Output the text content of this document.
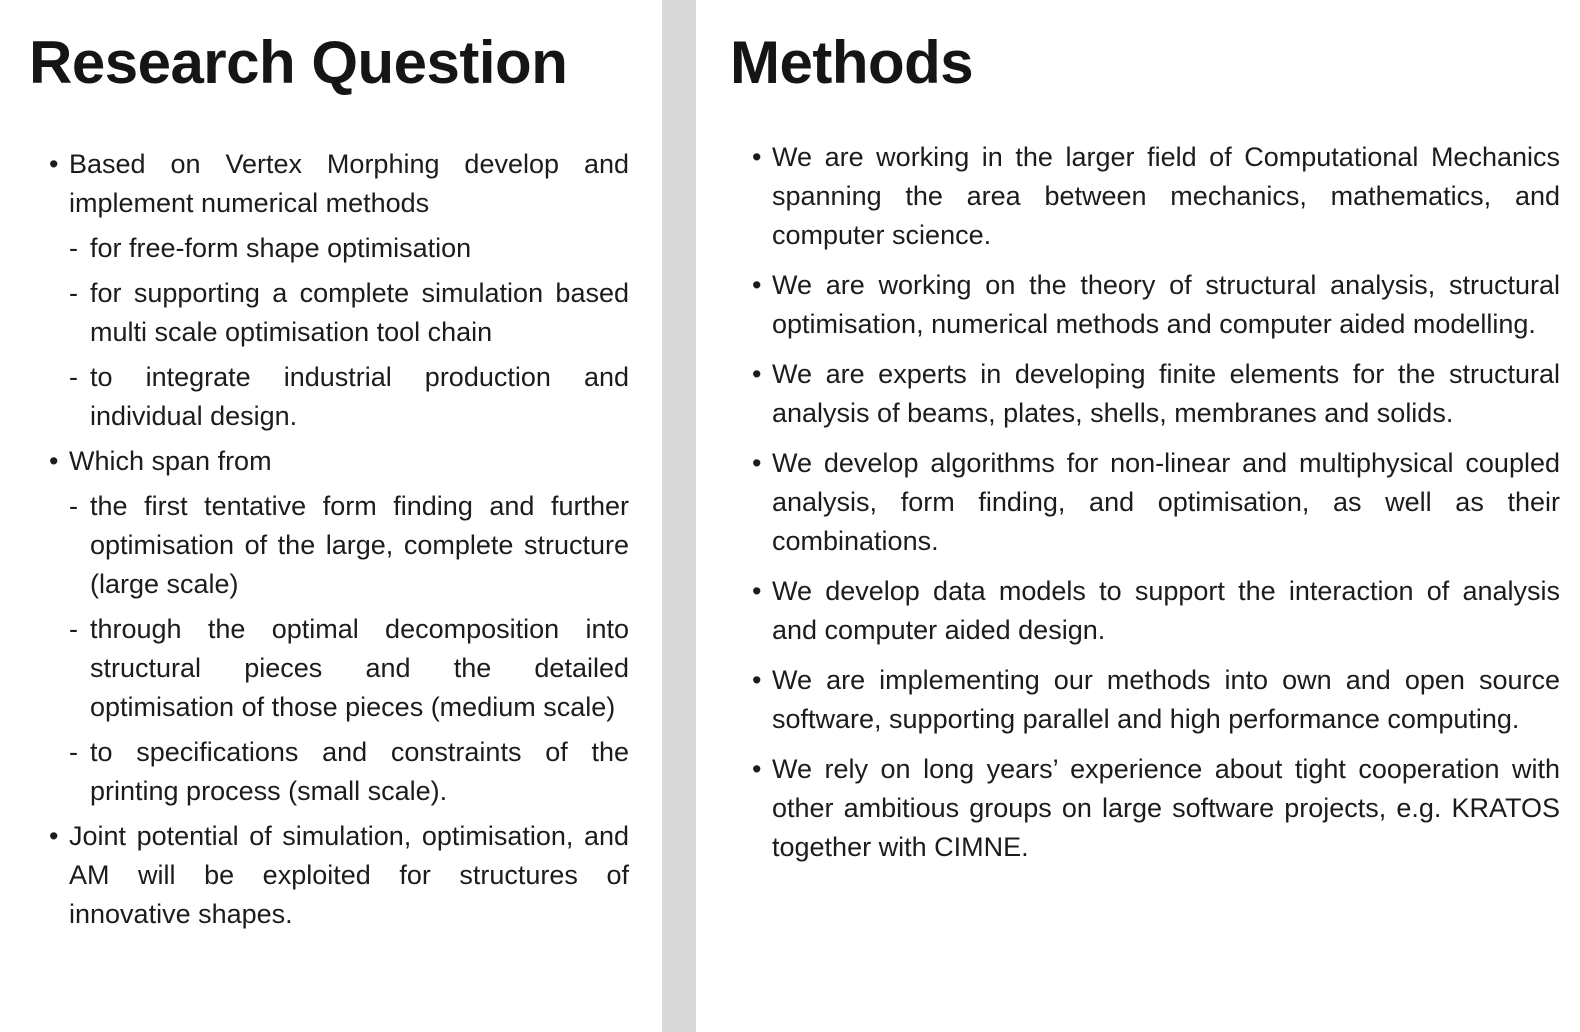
Research Question
• Based on Vertex Morphing develop and implement numerical methods
- for free-form shape optimisation
- for supporting a complete simulation based multi scale optimisation tool chain
- to integrate industrial production and individual design.
• Which span from
- the first tentative form finding and further optimisation of the large, complete structure (large scale)
- through the optimal decomposition into structural pieces and the detailed optimisation of those pieces (medium scale)
- to specifications and constraints of the printing process (small scale).
• Joint potential of simulation, optimisation, and AM will be exploited for structures of innovative shapes.
Methods
• We are working in the larger field of Computational Mechanics spanning the area between mechanics, mathematics, and computer science.
• We are working on the theory of structural analysis, structural optimisation, numerical methods and computer aided modelling.
• We are experts in developing finite elements for the structural analysis of beams, plates, shells, membranes and solids.
• We develop algorithms for non-linear and multiphysical coupled analysis, form finding, and optimisation, as well as their combinations.
• We develop data models to support the interaction of analysis and computer aided design.
• We are implementing our methods into own and open source software, supporting parallel and high performance computing.
• We rely on long years’ experience about tight cooperation with other ambitious groups on large software projects, e.g. KRATOS together with CIMNE.
